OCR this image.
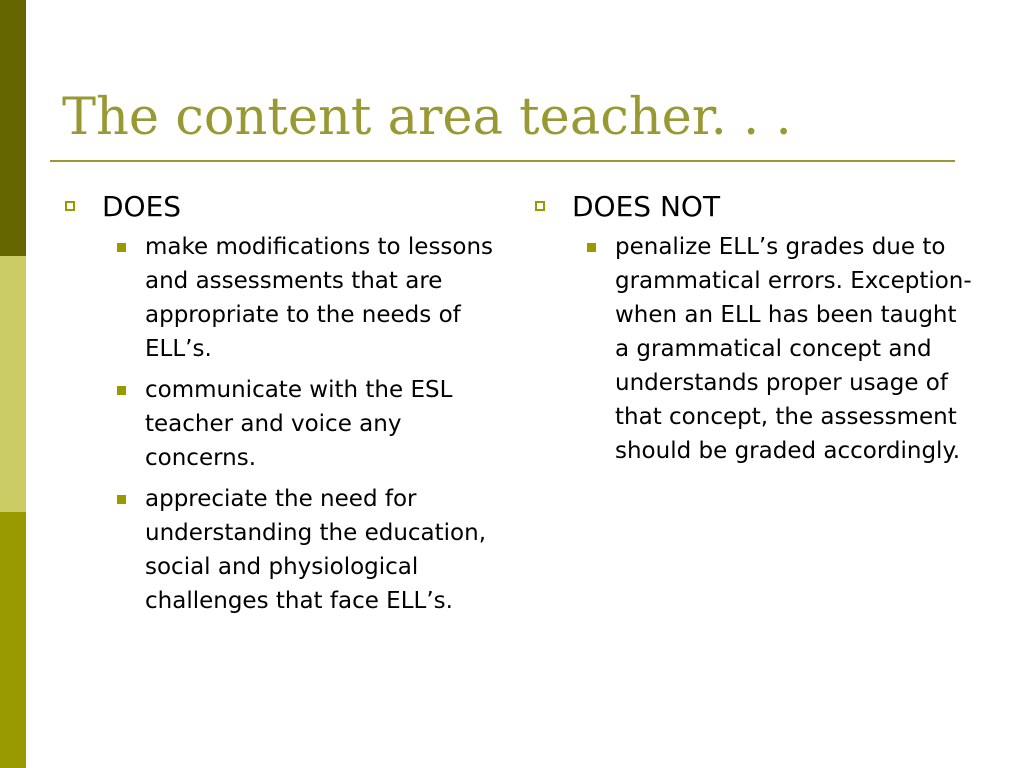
The content area teacher. . .
DOES
make modifications to lessons and assessments that are appropriate to the needs of ELL’s.
communicate with the ESL teacher and voice any concerns.
appreciate the need for understanding the education, social and physiological challenges that face ELL’s.
DOES NOT
penalize ELL’s grades due to grammatical errors. Exception-when an ELL has been taught a grammatical concept and understands proper usage of that concept, the assessment should be graded accordingly.
